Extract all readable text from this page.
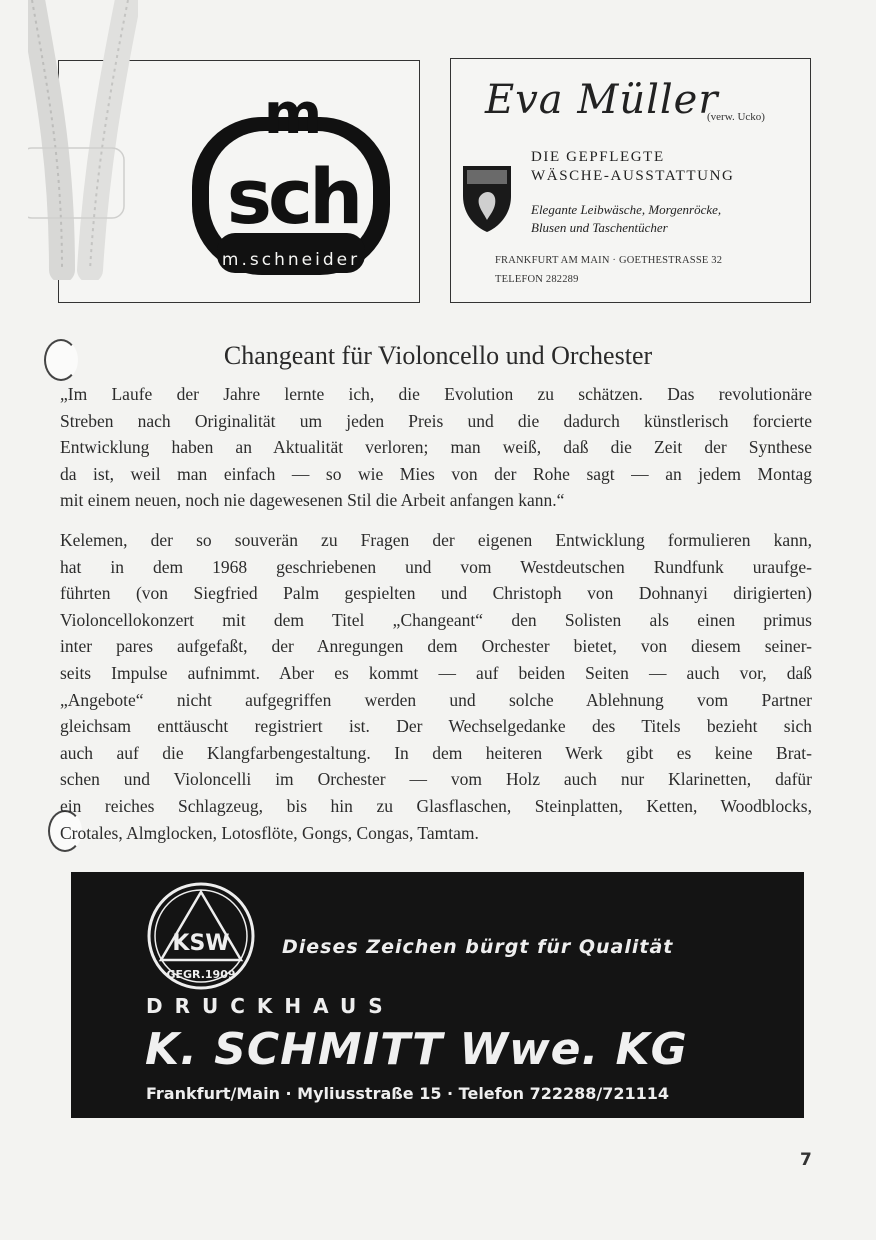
m
sch
m.schneider
Eva Müller
(verw. Ucko)
DIE GEPFLEGTE
WÄSCHE-AUSSTATTUNG
Elegante Leibwäsche, Morgenröcke,
Blusen und Taschentücher
FRANKFURT AM MAIN · GOETHESTRASSE 32
TELEFON 282289
Changeant für Violoncello und Orchester
„Im Laufe der Jahre lernte ich, die Evolution zu schätzen. Das revolutionäre
Streben nach Originalität um jeden Preis und die dadurch künstlerisch forcierte
Entwicklung haben an Aktualität verloren; man weiß, daß die Zeit der Synthese
da ist, weil man einfach — so wie Mies von der Rohe sagt — an jedem Montag
mit einem neuen, noch nie dagewesenen Stil die Arbeit anfangen kann.“
Kelemen, der so souverän zu Fragen der eigenen Entwicklung formulieren kann,
hat in dem 1968 geschriebenen und vom Westdeutschen Rundfunk uraufge-
führten (von Siegfried Palm gespielten und Christoph von Dohnanyi dirigierten)
Violoncellokonzert mit dem Titel „Changeant“ den Solisten als einen primus
inter pares aufgefaßt, der Anregungen dem Orchester bietet, von diesem seiner-
seits Impulse aufnimmt. Aber es kommt — auf beiden Seiten — auch vor, daß
„Angebote“ nicht aufgegriffen werden und solche Ablehnung vom Partner
gleichsam enttäuscht registriert ist. Der Wechselgedanke des Titels bezieht sich
auch auf die Klangfarbengestaltung. In dem heiteren Werk gibt es keine Brat-
schen und Violoncelli im Orchester — vom Holz auch nur Klarinetten, dafür
ein reiches Schlagzeug, bis hin zu Glasflaschen, Steinplatten, Ketten, Woodblocks,
Crotales, Almglocken, Lotosflöte, Gongs, Congas, Tamtam.
KSW
GEGR.1909
Dieses Zeichen bürgt für Qualität
DRUCKHAUS
K. SCHMITT Wwe. KG
Frankfurt/Main · Myliusstraße 15 · Telefon 722288/721114
7
